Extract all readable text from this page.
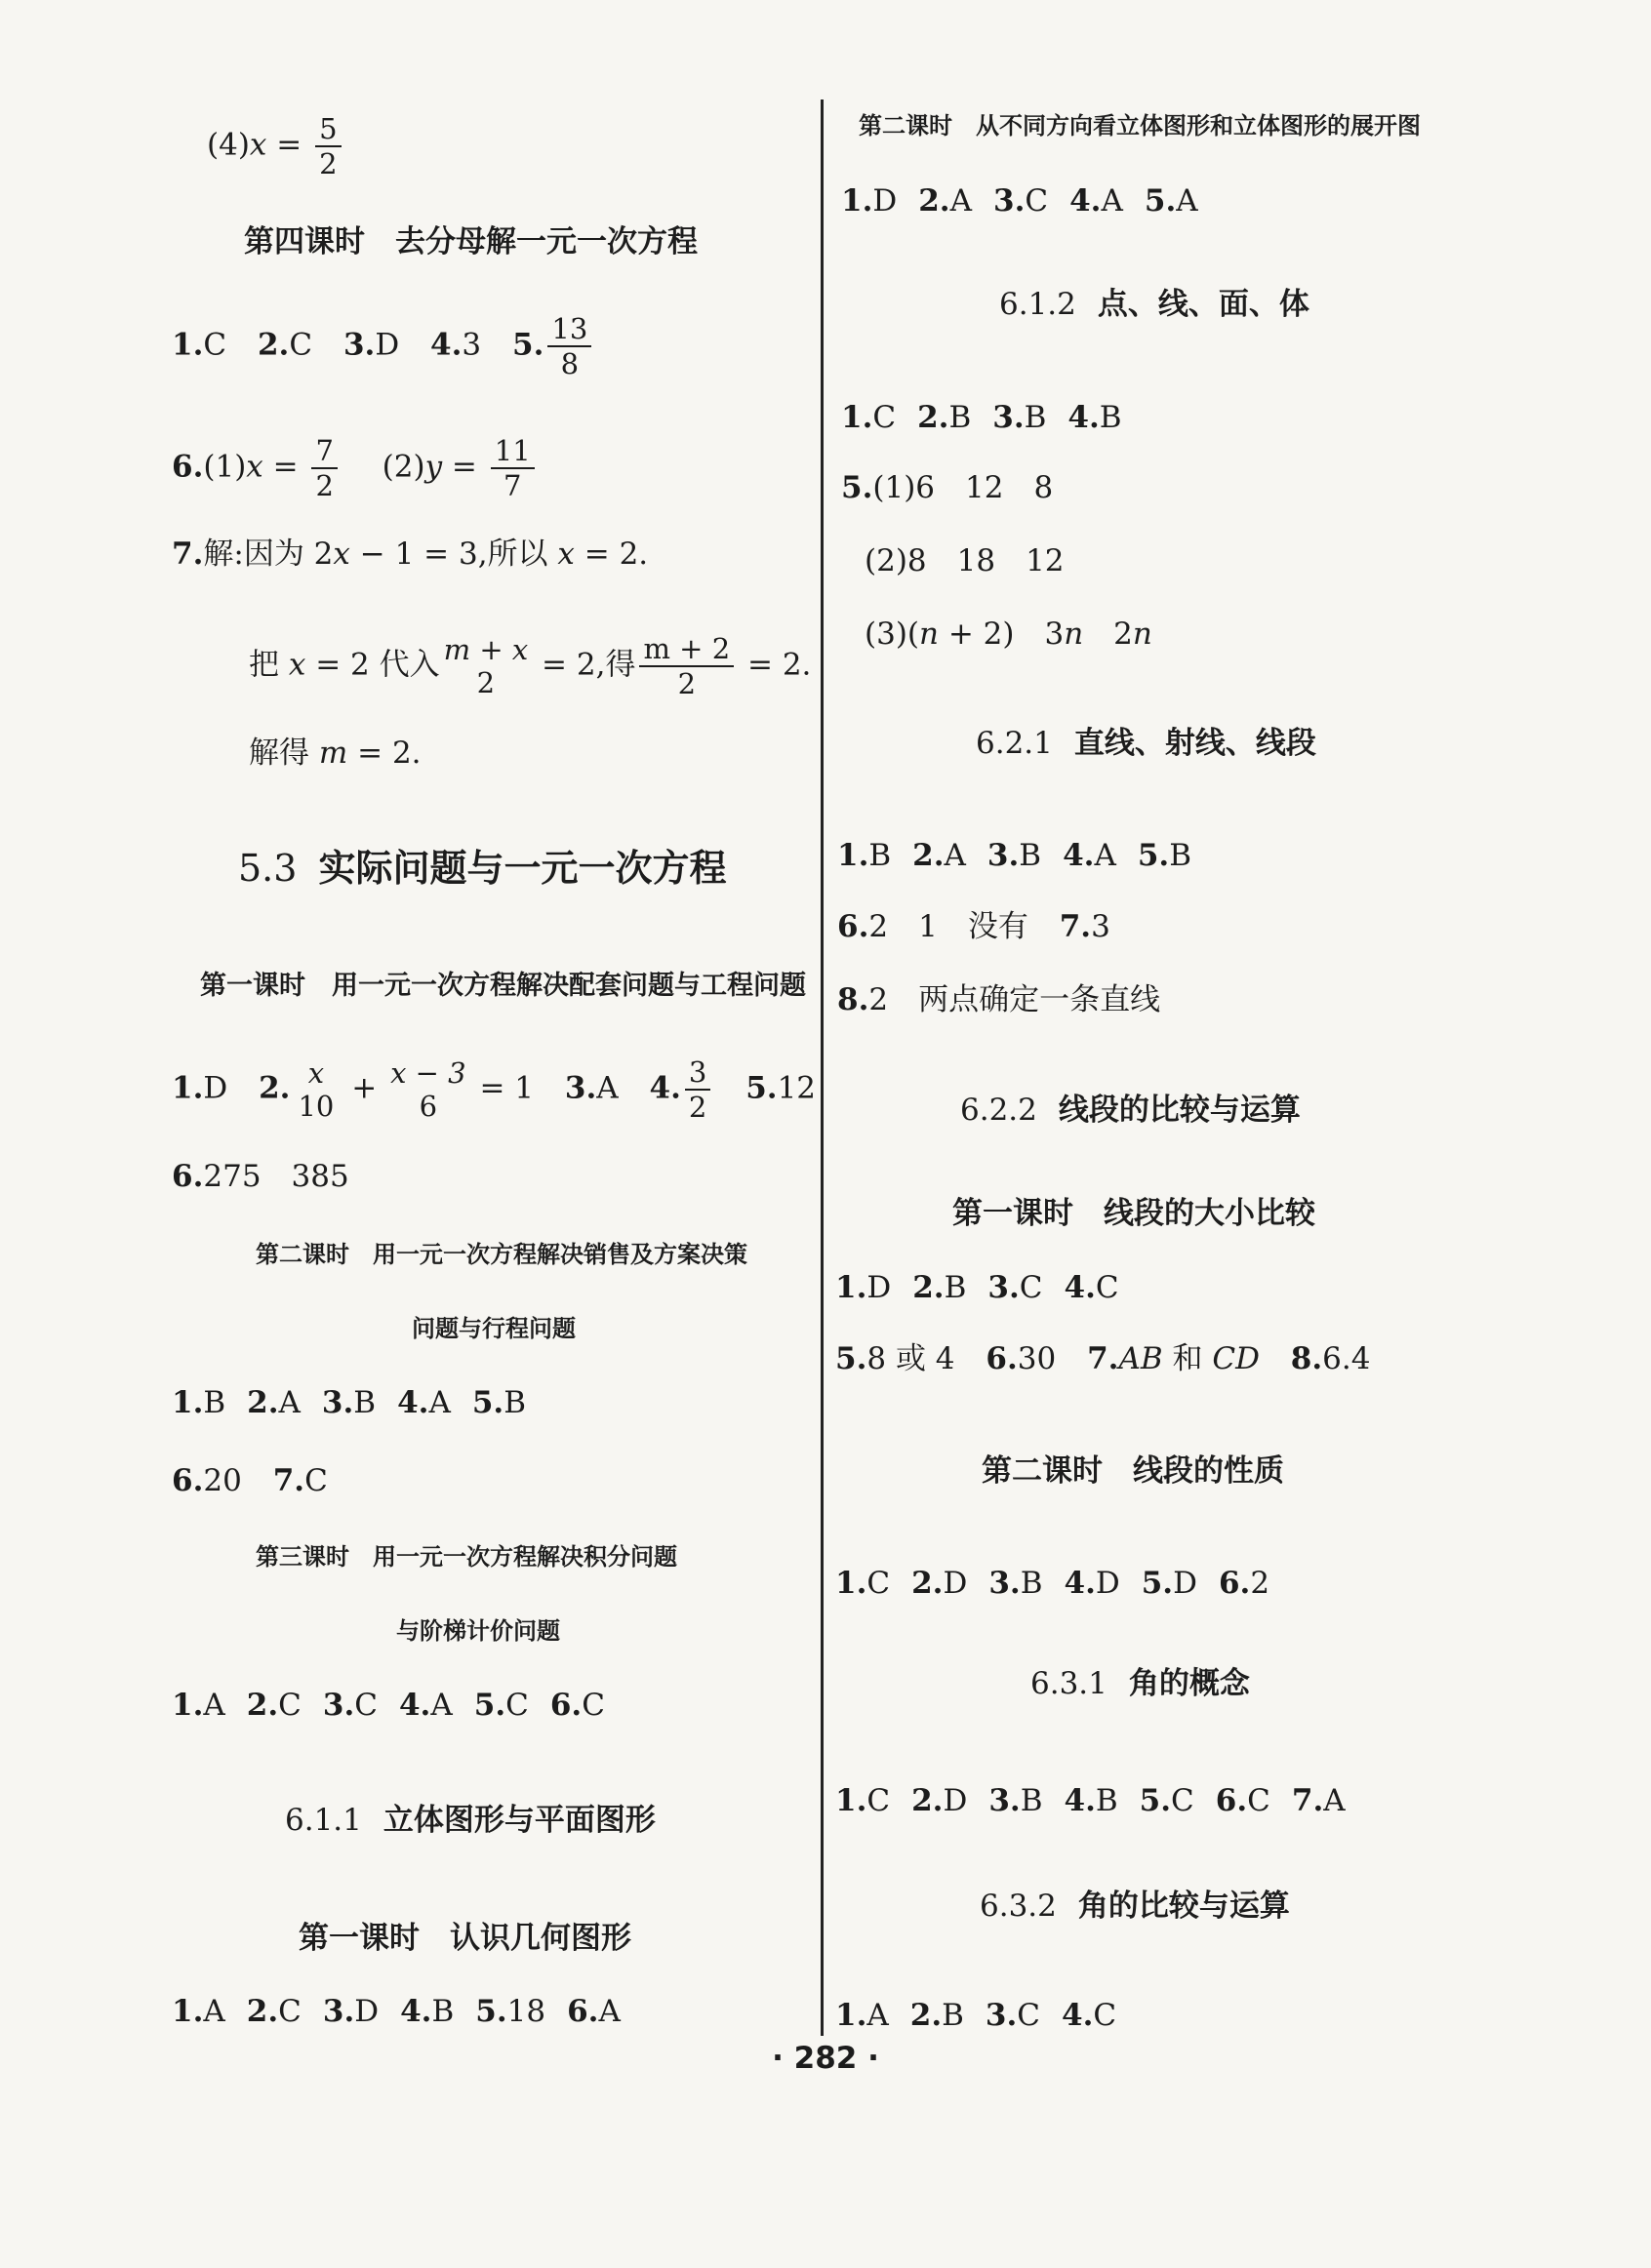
$(4)x = \frac{5}{2}$
第四课时　去分母解一元一次方程
1.C 2.C 3.D 4.3 5. $\frac{13}{8}$
$6.(1)x = \frac{7}{2} (2)y = \frac{11}{7}$
7.解:因为 2x − 1 = 3,所以 x = 2.
把 x = 2 代入 m + x
2
= 2,得 $\frac{m + 2}{2} = 2$.
解得 m = 2.
5.3 实际问题与一元一次方程
第一课时　用一元一次方程解决配套问题与工程问题
1.D 2. x
10
+ x − 3
6
= 1 3.A 4. $\frac{3}{2} 5.12$
6.275　385
第二课时　用一元一次方程解决销售及方案决策
问题与行程问题
1.B 2.A 3.B 4.A 5.B
6.20 7.C
第三课时　用一元一次方程解决积分问题
与阶梯计价问题
1.A 2.C 3.C 4.A 5.C 6.C
6.1.1 立体图形与平面图形
第一课时　认识几何图形
1.A 2.C 3.D 4.B 5.18 6.A
第二课时　从不同方向看立体图形和立体图形的展开图
1.D 2.A 3.C 4.A 5.A
6.1.2 点、线、面、体
1.C 2.B 3.B 4.B
5.(1)6　12　8
(2)8　18　12
(3)(n + 2)　3n　2n
6.2.1 直线、射线、线段
1.B 2.A 3.B 4.A 5.B
6.2　1　没有 7.3
8.2　两点确定一条直线
6.2.2 线段的比较与运算
第一课时　线段的大小比较
1.D 2.B 3.C 4.C
5.8 或 4 6.30 7.AB 和 CD 8.6.4
第二课时　线段的性质
1.C 2.D 3.B 4.D 5.D 6.2
6.3.1 角的概念
1.C 2.D 3.B 4.B 5.C 6.C 7.A
6.3.2 角的比较与运算
1.A 2.B 3.C 4.C
· 282 ·
